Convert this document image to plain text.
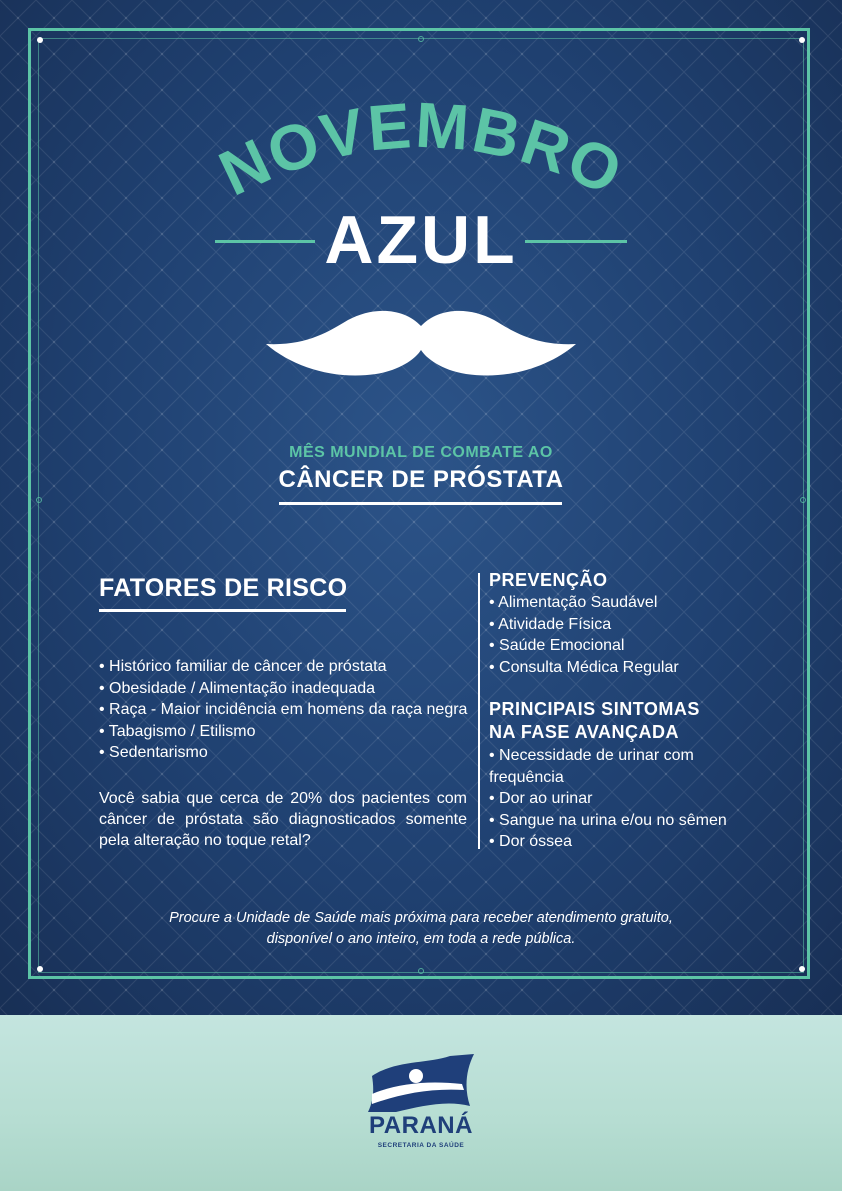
NOVEMBRO
AZUL
MÊS MUNDIAL DE COMBATE AO
CÂNCER DE PRÓSTATA
FATORES DE RISCO
• Histórico familiar de câncer de próstata
• Obesidade / Alimentação inadequada
• Raça - Maior incidência em homens da raça negra
• Tabagismo / Etilismo
• Sedentarismo

Você sabia que cerca de 20% dos pacientes com câncer de próstata são diagnosticados somente pela alteração no toque retal?

PREVENÇÃO
• Alimentação Saudável
• Atividade Física
• Saúde Emocional
• Consulta Médica Regular
PRINCIPAIS SINTOMAS
NA FASE AVANÇADA
• Necessidade de urinar com frequência
• Dor ao urinar
• Sangue na urina e/ou no sêmen
• Dor óssea
Procure a Unidade de Saúde mais próxima para receber atendimento gratuito,
disponível o ano inteiro, em toda a rede pública.
PARANÁ
SECRETARIA DA SAÚDE
